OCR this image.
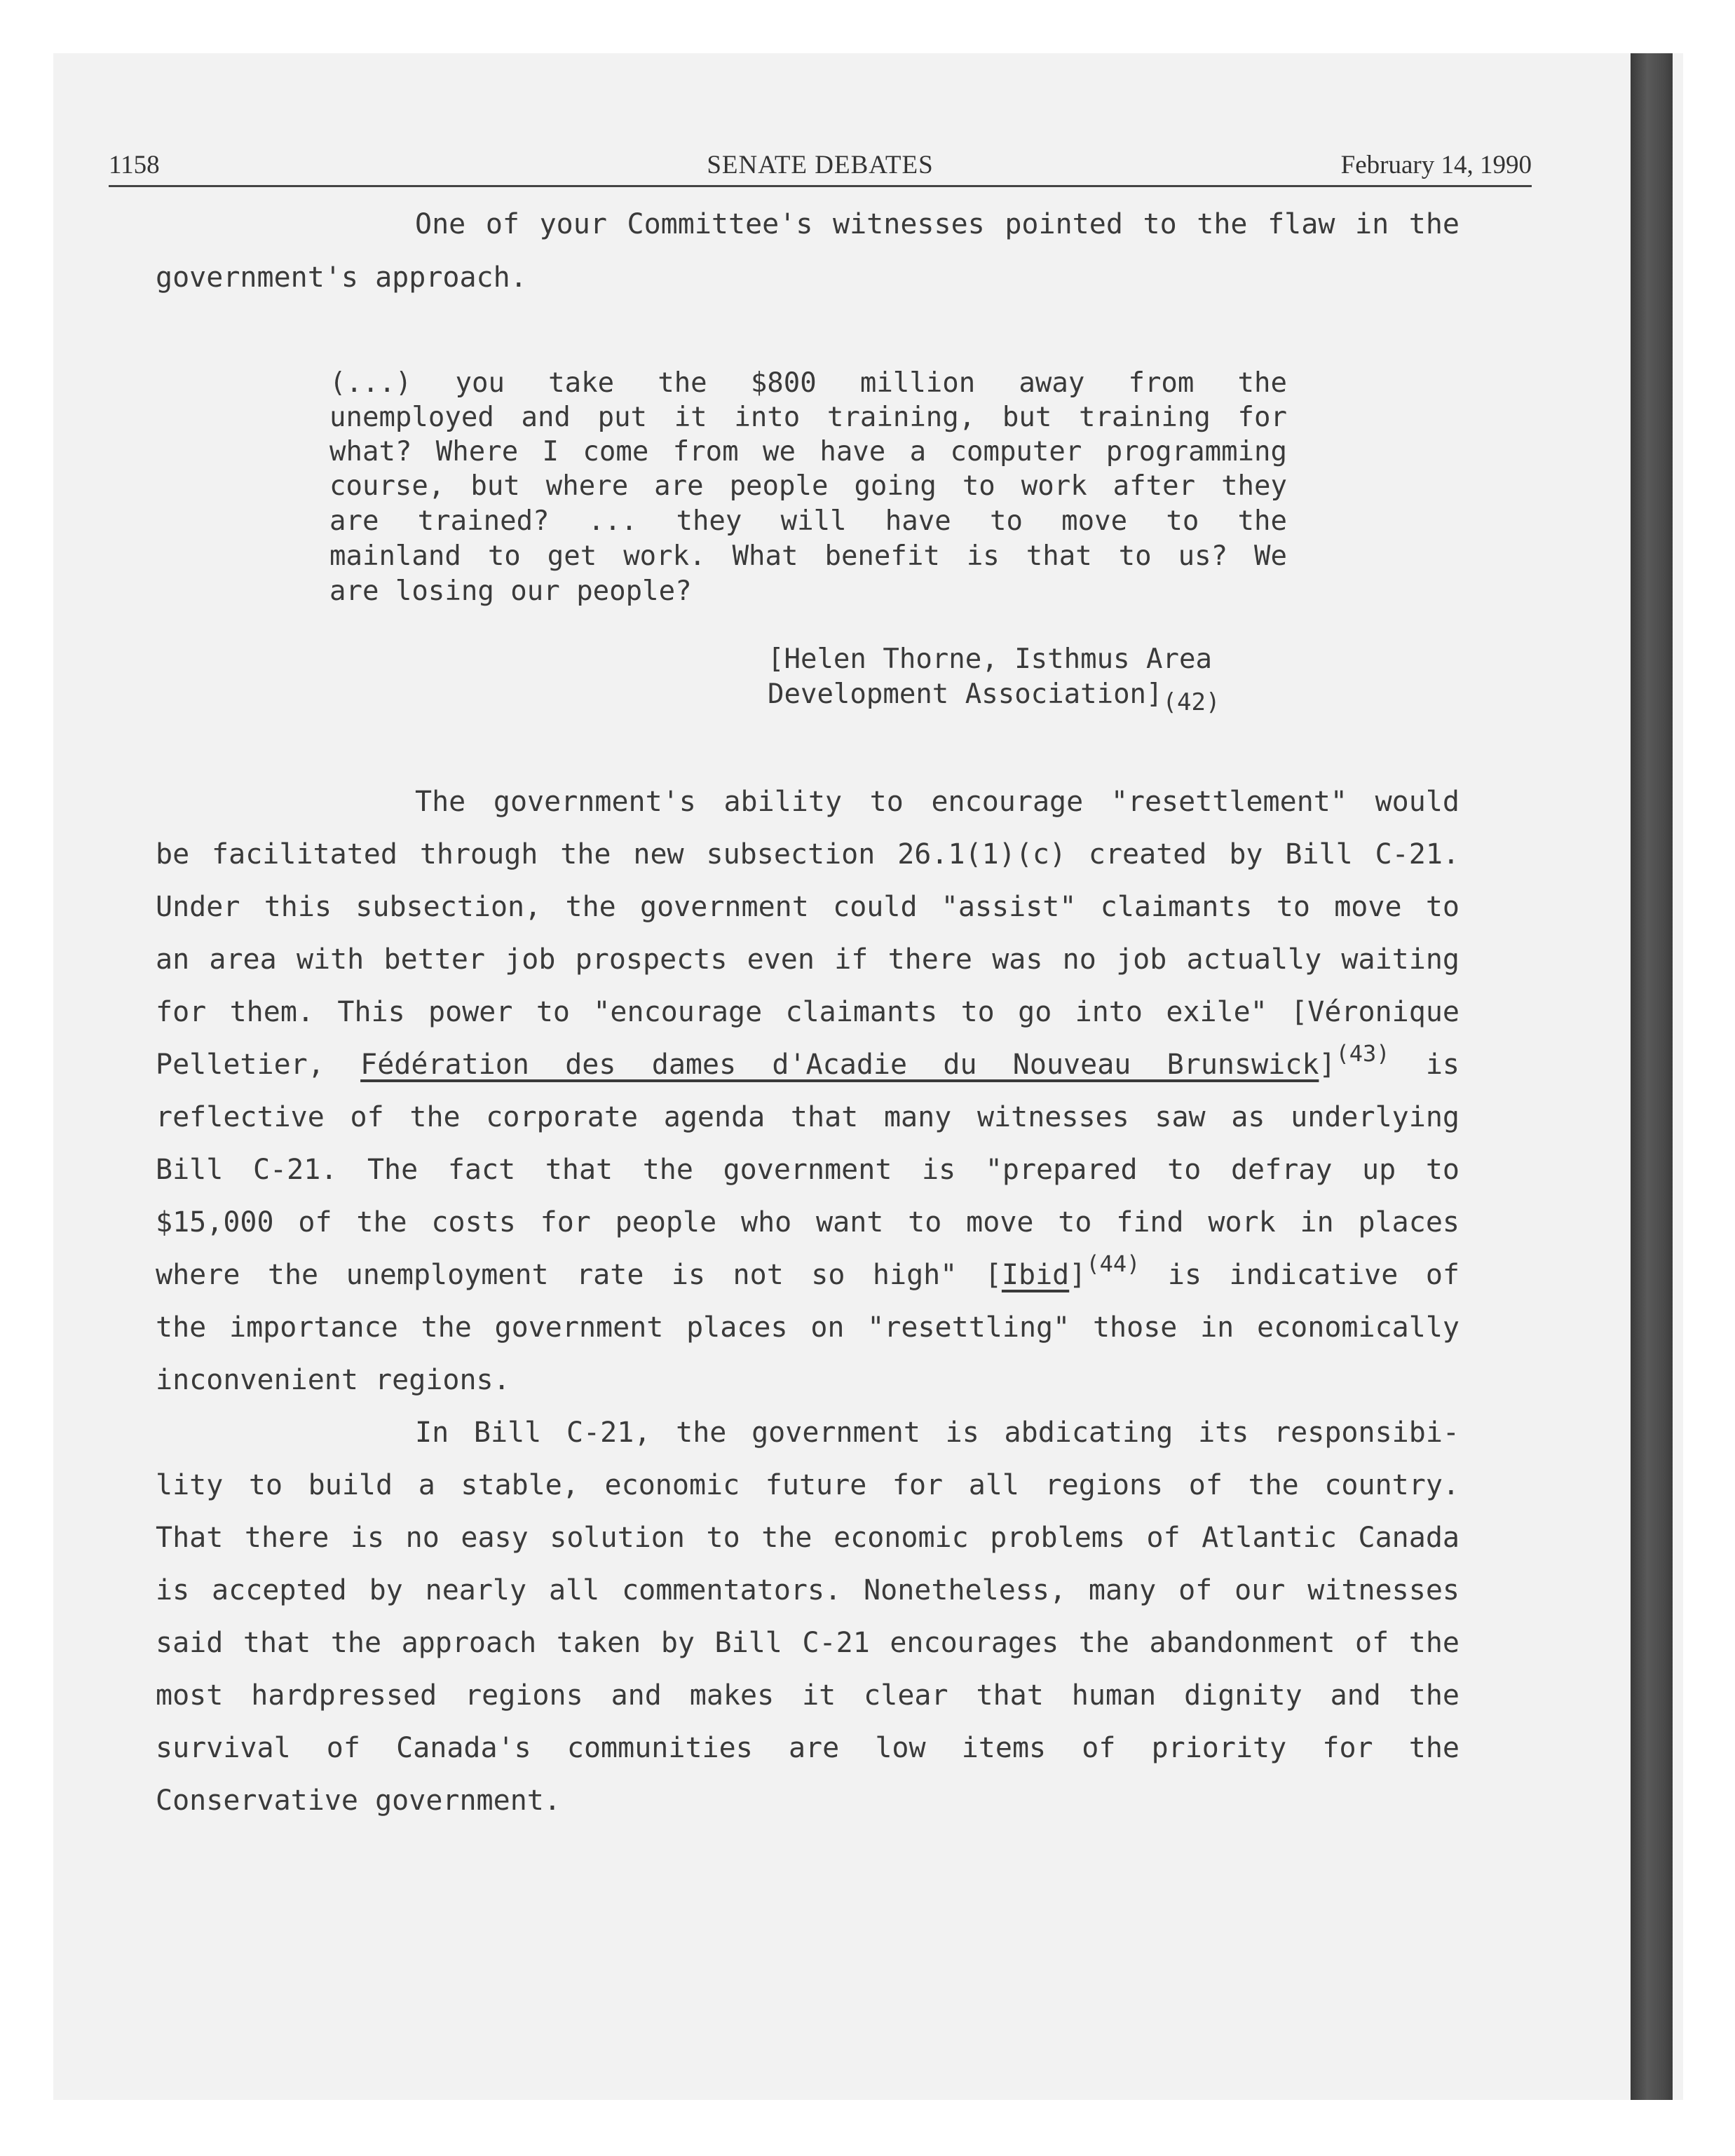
1158	SENATE DEBATES	February 14, 1990
One of your Committee's witnesses pointed to the flaw in the
government's approach.
(...) you take the $800 million away from the
unemployed and put it into training, but training for
what? Where I come from we have a computer programming
course, but where are people going to work after they
are trained? ... they will have to move to the
mainland to get work. What benefit is that to us? We
are losing our people?
[Helen Thorne, Isthmus Area
Development $Association]_{(42)}$
The government's ability to encourage "resettlement" would
be facilitated through the new subsection 26.1(1)(c) created by Bill C-21.
Under this subsection, the government could "assist" claimants to move to
an area with better job prospects even if there was no job actually waiting
for them. This power to "encourage claimants to go into exile" [Véronique
Pelletier, Fédération des dames d'Acadie du Nouveau Brunswick]$^{(43)}$ is
reflective of the corporate agenda that many witnesses saw as underlying
Bill C-21. The fact that the government is "prepared to defray up to
$15,000 of the costs for people who want to move to find work in places
where the unemployment rate is not so high" [Ibid]$^{(44)}$ is indicative of
the importance the government places on "resettling" those in economically
inconvenient regions.
In Bill C-21, the government is abdicating its responsibi-
lity to build a stable, economic future for all regions of the country.
That there is no easy solution to the economic problems of Atlantic Canada
is accepted by nearly all commentators. Nonetheless, many of our witnesses
said that the approach taken by Bill C-21 encourages the abandonment of the
most hardpressed regions and makes it clear that human dignity and the
survival of Canada's communities are low items of priority for the
Conservative government.
